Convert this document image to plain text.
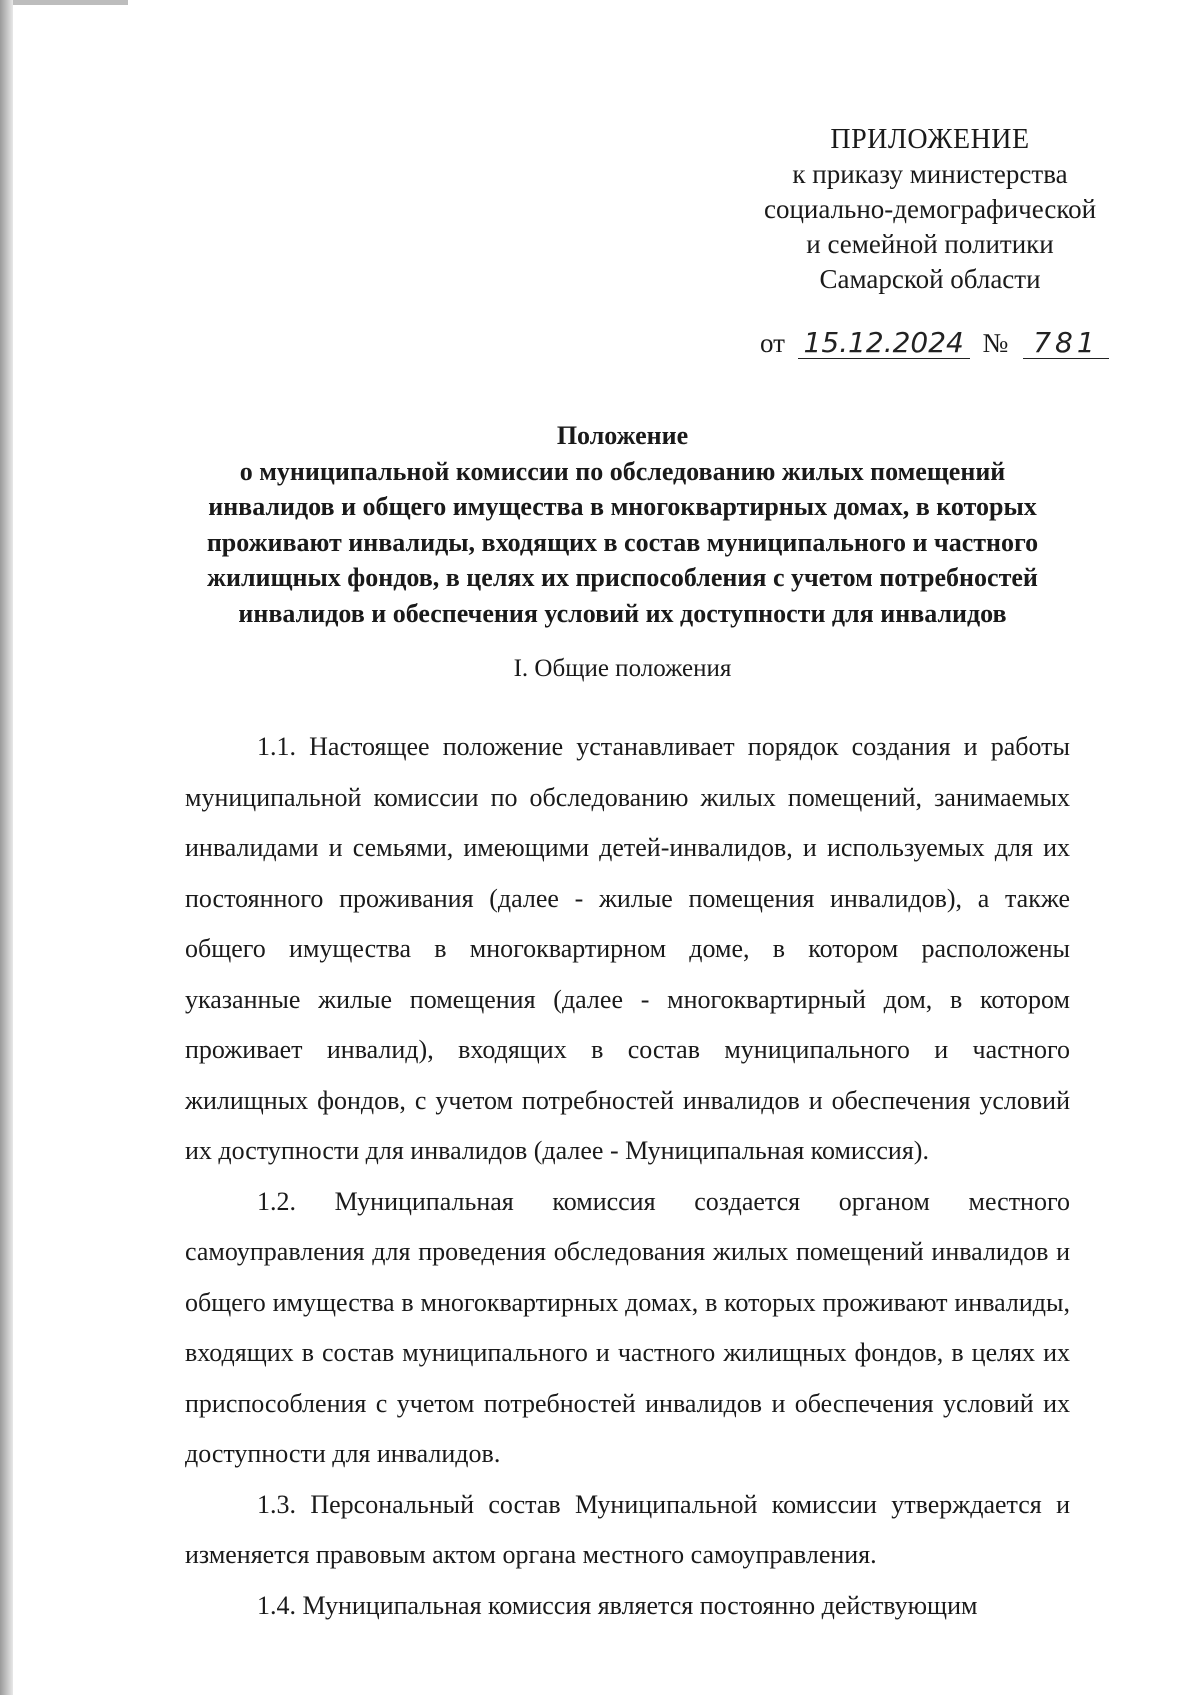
ПРИЛОЖЕНИЕ
к приказу министерства
социально-демографической
и семейной политики
Самарской области
от 15.12.2024 № 781
Положение
о муниципальной комиссии по обследованию жилых помещений инвалидов и общего имущества в многоквартирных домах, в которых проживают инвалиды, входящих в состав муниципального и частного жилищных фондов, в целях их приспособления с учетом потребностей инвалидов и обеспечения условий их доступности для инвалидов
I. Общие положения

1.1. Настоящее положение устанавливает порядок создания и работы муниципальной комиссии по обследованию жилых помещений, занимаемых инвалидами и семьями, имеющими детей-инвалидов, и используемых для их постоянного проживания (далее - жилые помещения инвалидов), а также общего имущества в многоквартирном доме, в котором расположены указанные жилые помещения (далее - многоквартирный дом, в котором проживает инвалид), входящих в состав муниципального и частного жилищных фондов, с учетом потребностей инвалидов и обеспечения условий их доступности для инвалидов (далее - Муниципальная комиссия).

1.2. Муниципальная комиссия создается органом местного самоуправления для проведения обследования жилых помещений инвалидов и общего имущества в многоквартирных домах, в которых проживают инвалиды, входящих в состав муниципального и частного жилищных фондов, в целях их приспособления с учетом потребностей инвалидов и обеспечения условий их доступности для инвалидов.

1.3. Персональный состав Муниципальной комиссии утверждается и изменяется правовым актом органа местного самоуправления.

1.4. Муниципальная комиссия является постоянно действующим
